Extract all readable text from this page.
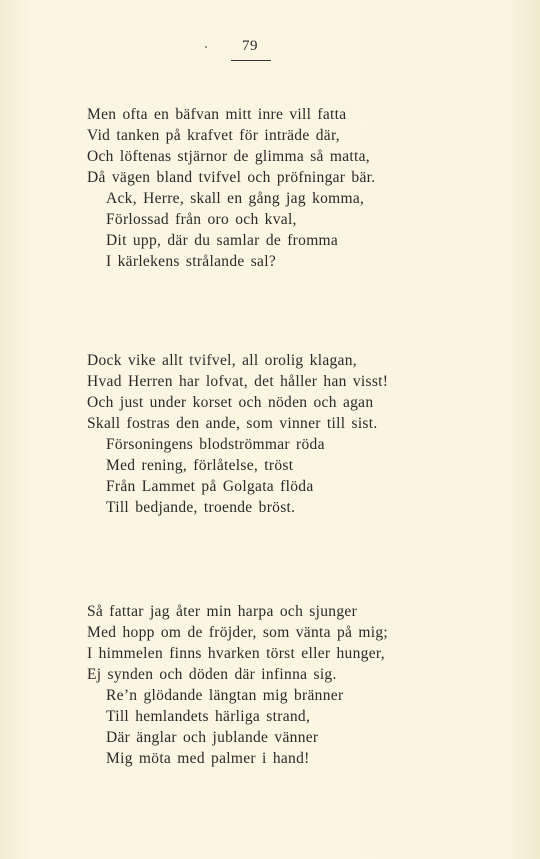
79
Men ofta en bäfvan mitt inre vill fatta
Vid tanken på krafvet för inträde där,
Och löftenas stjärnor de glimma så matta,
Då vägen bland tvifvel och pröfningar bär.
Ack, Herre, skall en gång jag komma,
Förlossad från oro och kval,
Dit upp, där du samlar de fromma
I kärlekens strålande sal?
Dock vike allt tvifvel, all orolig klagan,
Hvad Herren har lofvat, det håller han visst!
Och just under korset och nöden och agan
Skall fostras den ande, som vinner till sist.
Försoningens blodströmmar röda
Med rening, förlåtelse, tröst
Från Lammet på Golgata flöda
Till bedjande, troende bröst.
Så fattar jag åter min harpa och sjunger
Med hopp om de fröjder, som vänta på mig;
I himmelen finns hvarken törst eller hunger,
Ej synden och döden där infinna sig.
Re’n glödande längtan mig bränner
Till hemlandets härliga strand,
Där änglar och jublande vänner
Mig möta med palmer i hand!
